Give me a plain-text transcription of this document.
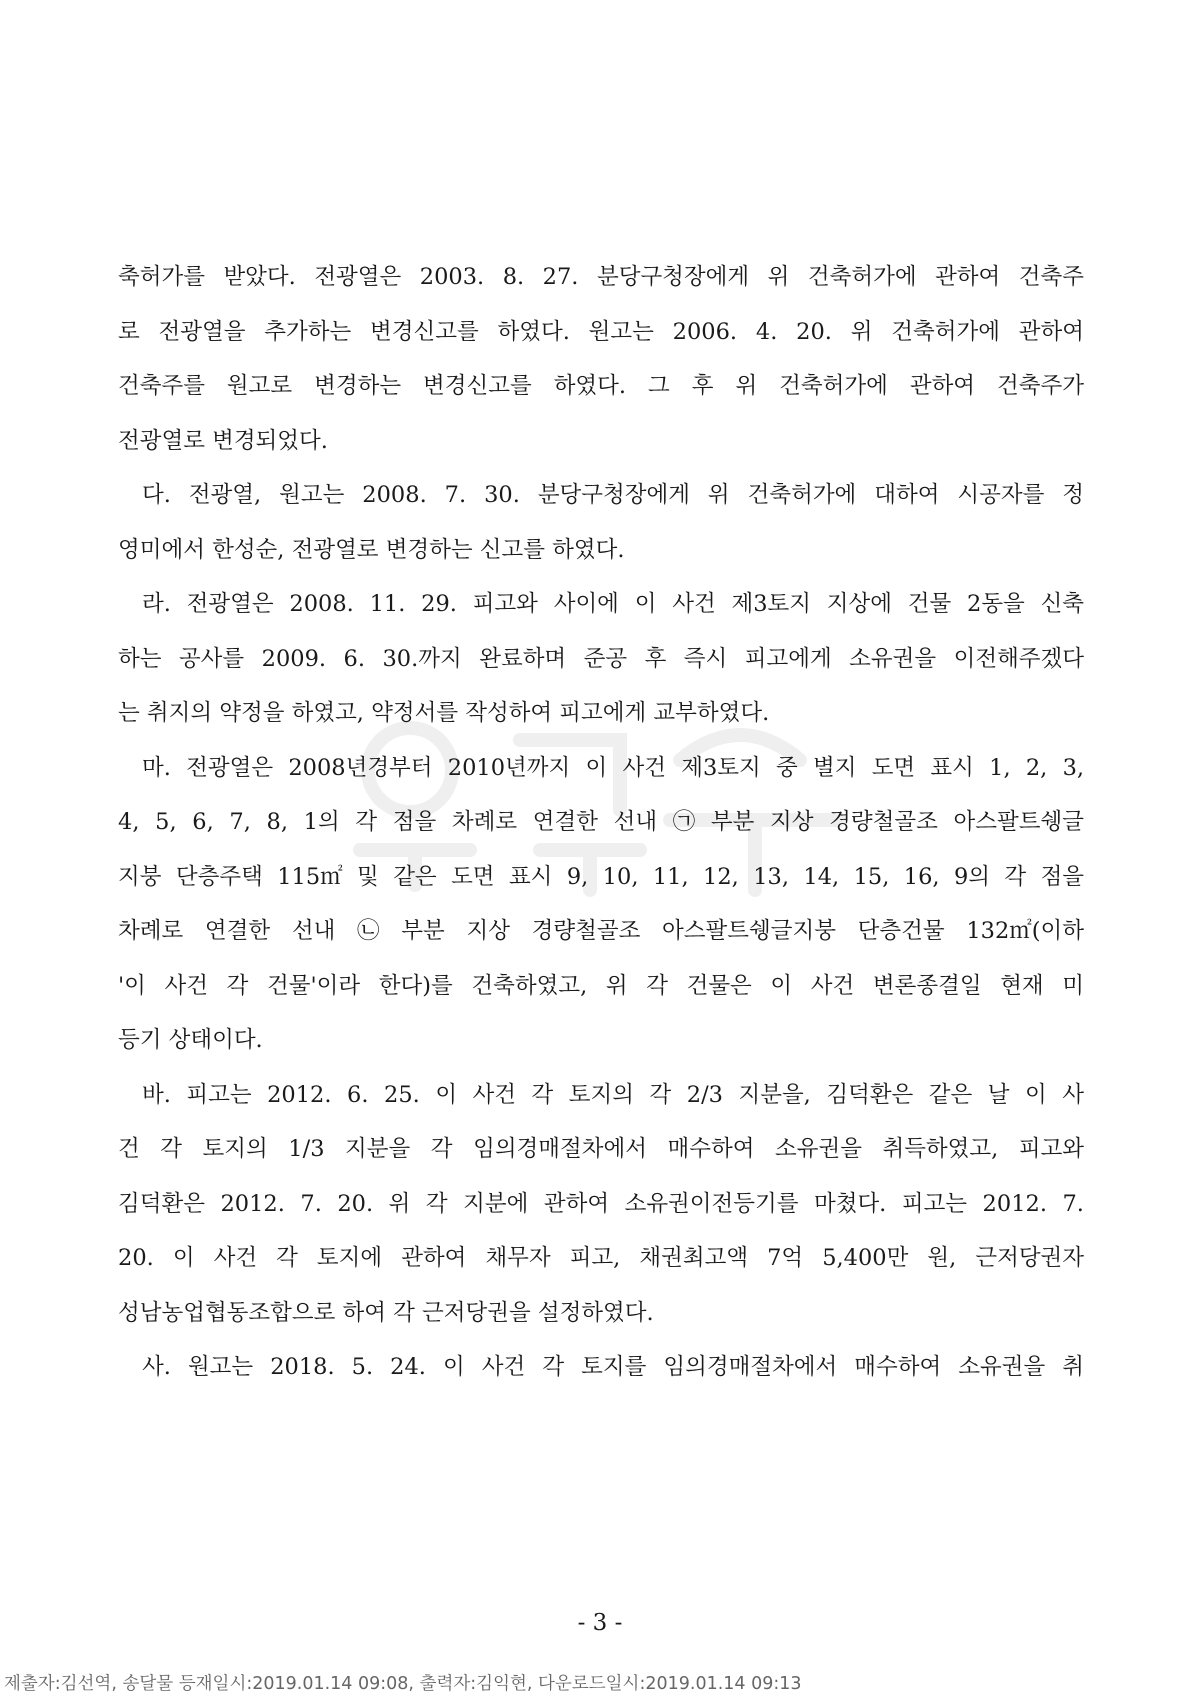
축허가를 받았다. 전광열은 2003. 8. 27. 분당구청장에게 위 건축허가에 관하여 건축주
로 전광열을 추가하는 변경신고를 하였다. 원고는 2006. 4. 20. 위 건축허가에 관하여
건축주를 원고로 변경하는 변경신고를 하였다. 그 후 위 건축허가에 관하여 건축주가
전광열로 변경되었다.
다. 전광열, 원고는 2008. 7. 30. 분당구청장에게 위 건축허가에 대하여 시공자를 정
영미에서 한성순, 전광열로 변경하는 신고를 하였다.
라. 전광열은 2008. 11. 29. 피고와 사이에 이 사건 제3토지 지상에 건물 2동을 신축
하는 공사를 2009. 6. 30.까지 완료하며 준공 후 즉시 피고에게 소유권을 이전해주겠다
는 취지의 약정을 하였고, 약정서를 작성하여 피고에게 교부하였다.
마. 전광열은 2008년경부터 2010년까지 이 사건 제3토지 중 별지 도면 표시 1, 2, 3,
4, 5, 6, 7, 8, 1의 각 점을 차례로 연결한 선내 ㉠ 부분 지상 경량철골조 아스팔트쉥글
지붕 단층주택 115㎡ 및 같은 도면 표시 9, 10, 11, 12, 13, 14, 15, 16, 9의 각 점을
차례로 연결한 선내 ㉡ 부분 지상 경량철골조 아스팔트쉥글지붕 단층건물 132㎡(이하
'이 사건 각 건물'이라 한다)를 건축하였고, 위 각 건물은 이 사건 변론종결일 현재 미
등기 상태이다.
바. 피고는 2012. 6. 25. 이 사건 각 토지의 각 2/3 지분을, 김덕환은 같은 날 이 사
건 각 토지의 1/3 지분을 각 임의경매절차에서 매수하여 소유권을 취득하였고, 피고와
김덕환은 2012. 7. 20. 위 각 지분에 관하여 소유권이전등기를 마쳤다. 피고는 2012. 7.
20. 이 사건 각 토지에 관하여 채무자 피고, 채권최고액 7억 5,400만 원, 근저당권자
성남농업협동조합으로 하여 각 근저당권을 설정하였다.
사. 원고는 2018. 5. 24. 이 사건 각 토지를 임의경매절차에서 매수하여 소유권을 취
- 3 -
제출자:김선역, 송달물 등재일시:2019.01.14 09:08, 출력자:김익현, 다운로드일시:2019.01.14 09:13
